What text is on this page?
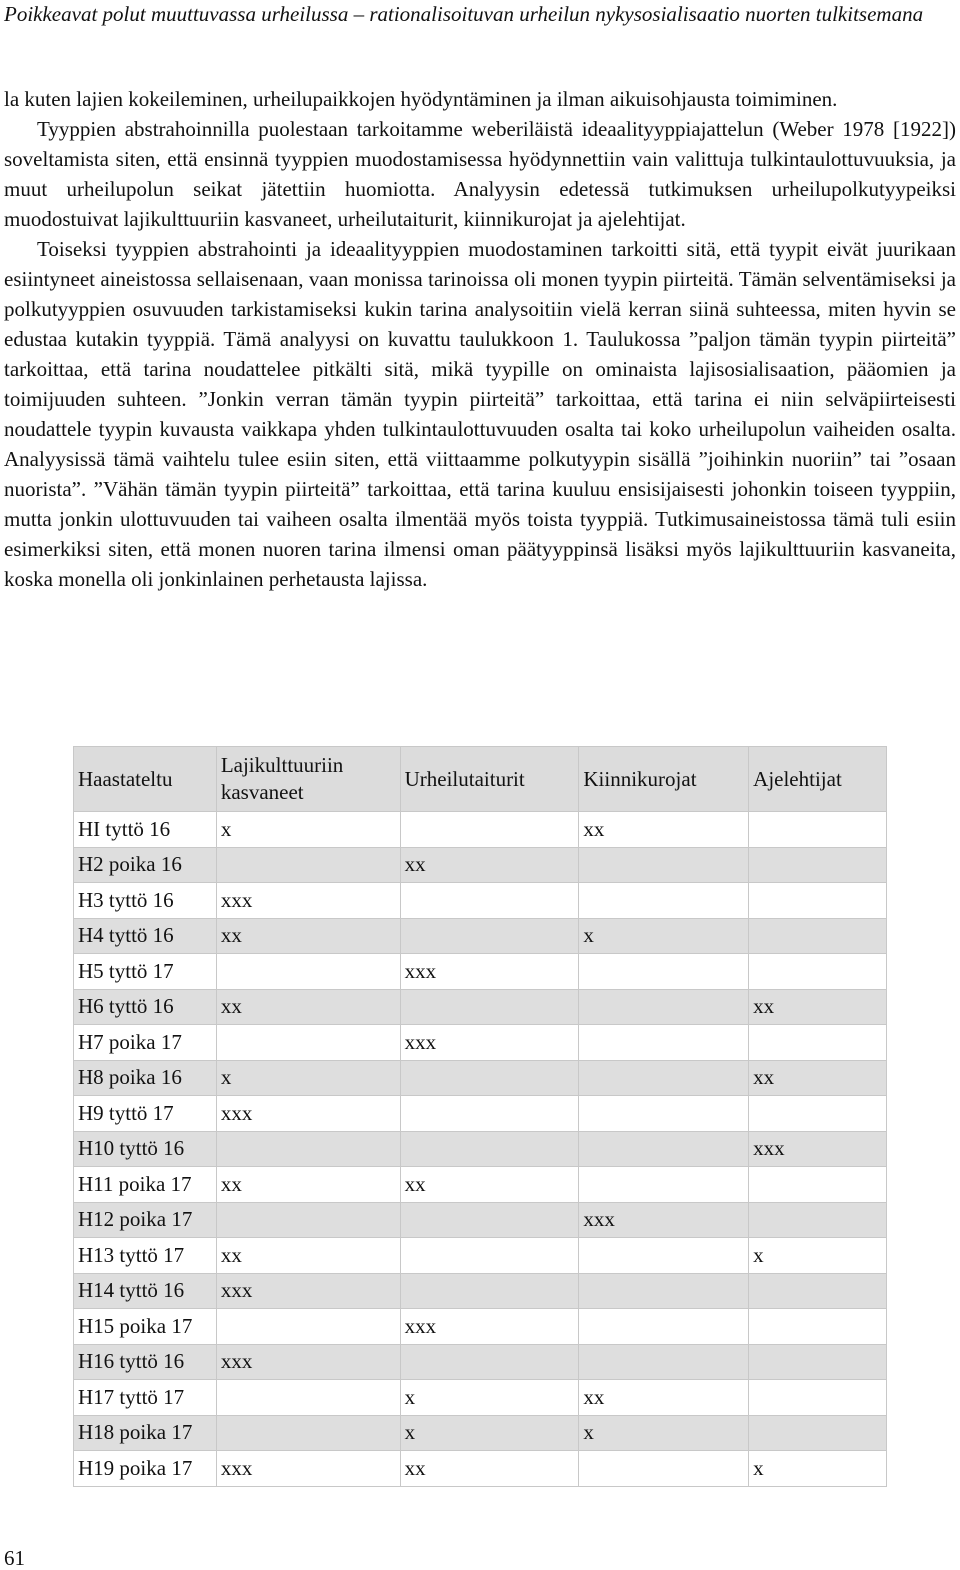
Poikkeavat polut muuttuvassa urheilussa – rationalisoituvan urheilun nykysosialisaatio nuorten tulkitsemana

la kuten lajien kokeileminen, urheilupaikkojen hyödyntäminen ja ilman aikuisohjausta toimiminen.

Tyyppien abstrahoinnilla puolestaan tarkoitamme weberiläistä ideaalityyppiajattelun (Weber 1978 [1922]) soveltamista siten, että ensinnä tyyppien muodostamisessa hyödynnettiin vain valittuja tulkintaulottuvuuksia, ja muut urheilupolun seikat jätettiin huomiotta. Analyysin edetessä tutkimuksen urheilupolkutyypeiksi muodostuivat lajikulttuuriin kasvaneet, urheilutaiturit, kiinnikurojat ja ajelehtijat.

Toiseksi tyyppien abstrahointi ja ideaalityyppien muodostaminen tarkoitti sitä, että tyypit eivät juurikaan esiintyneet aineistossa sellaisenaan, vaan monissa tarinoissa oli monen tyypin piirteitä. Tämän selventämiseksi ja polkutyyppien osuvuuden tarkistamiseksi kukin tarina analysoitiin vielä kerran siinä suhteessa, miten hyvin se edustaa kutakin tyyppiä. Tämä analyysi on kuvattu taulukkoon 1. Taulukossa ”paljon tämän tyypin piirteitä” tarkoittaa, että tarina noudattelee pitkälti sitä, mikä tyypille on ominaista lajisosialisaation, pääomien ja toimijuuden suhteen. ”Jonkin verran tämän tyypin piirteitä” tarkoittaa, että tarina ei niin selväpiirteisesti noudattele tyypin kuvausta vaikkapa yhden tulkintaulottuvuuden osalta tai koko urheilupolun vaiheiden osalta. Analyysissä tämä vaihtelu tulee esiin siten, että viittaamme polkutyypin sisällä ”joihinkin nuoriin” tai ”osaan nuorista”. ”Vähän tämän tyypin piirteitä” tarkoittaa, että tarina kuuluu ensisijaisesti johonkin toiseen tyyppiin, mutta jonkin ulottuvuuden tai vaiheen osalta ilmentää myös toista tyyppiä. Tutkimusaineistossa tämä tuli esiin esimerkiksi siten, että monen nuoren tarina ilmensi oman päätyyppinsä lisäksi myös lajikulttuuriin kasvaneita, koska monella oli jonkinlainen perhetausta lajissa.

Haastateltu	Lajikulttuuriin kasvaneet	Urheilutaiturit	Kiinnikurojat	Ajelehtijat
HI tyttö 16	x		xx	
H2 poika 16		xx		
H3 tyttö 16	xxx			
H4 tyttö 16	xx		x	
H5 tyttö 17		xxx		
H6 tyttö 16	xx			xx
H7 poika 17		xxx		
H8 poika 16	x			xx
H9 tyttö 17	xxx			
H10 tyttö 16				xxx
H11 poika 17	xx	xx		
H12 poika 17			xxx	
H13 tyttö 17	xx			x
H14 tyttö 16	xxx			
H15 poika 17		xxx		
H16 tyttö 16	xxx			
H17 tyttö 17		x	xx	
H18 poika 17		x	x	
H19 poika 17	xxx	xx		x
61
